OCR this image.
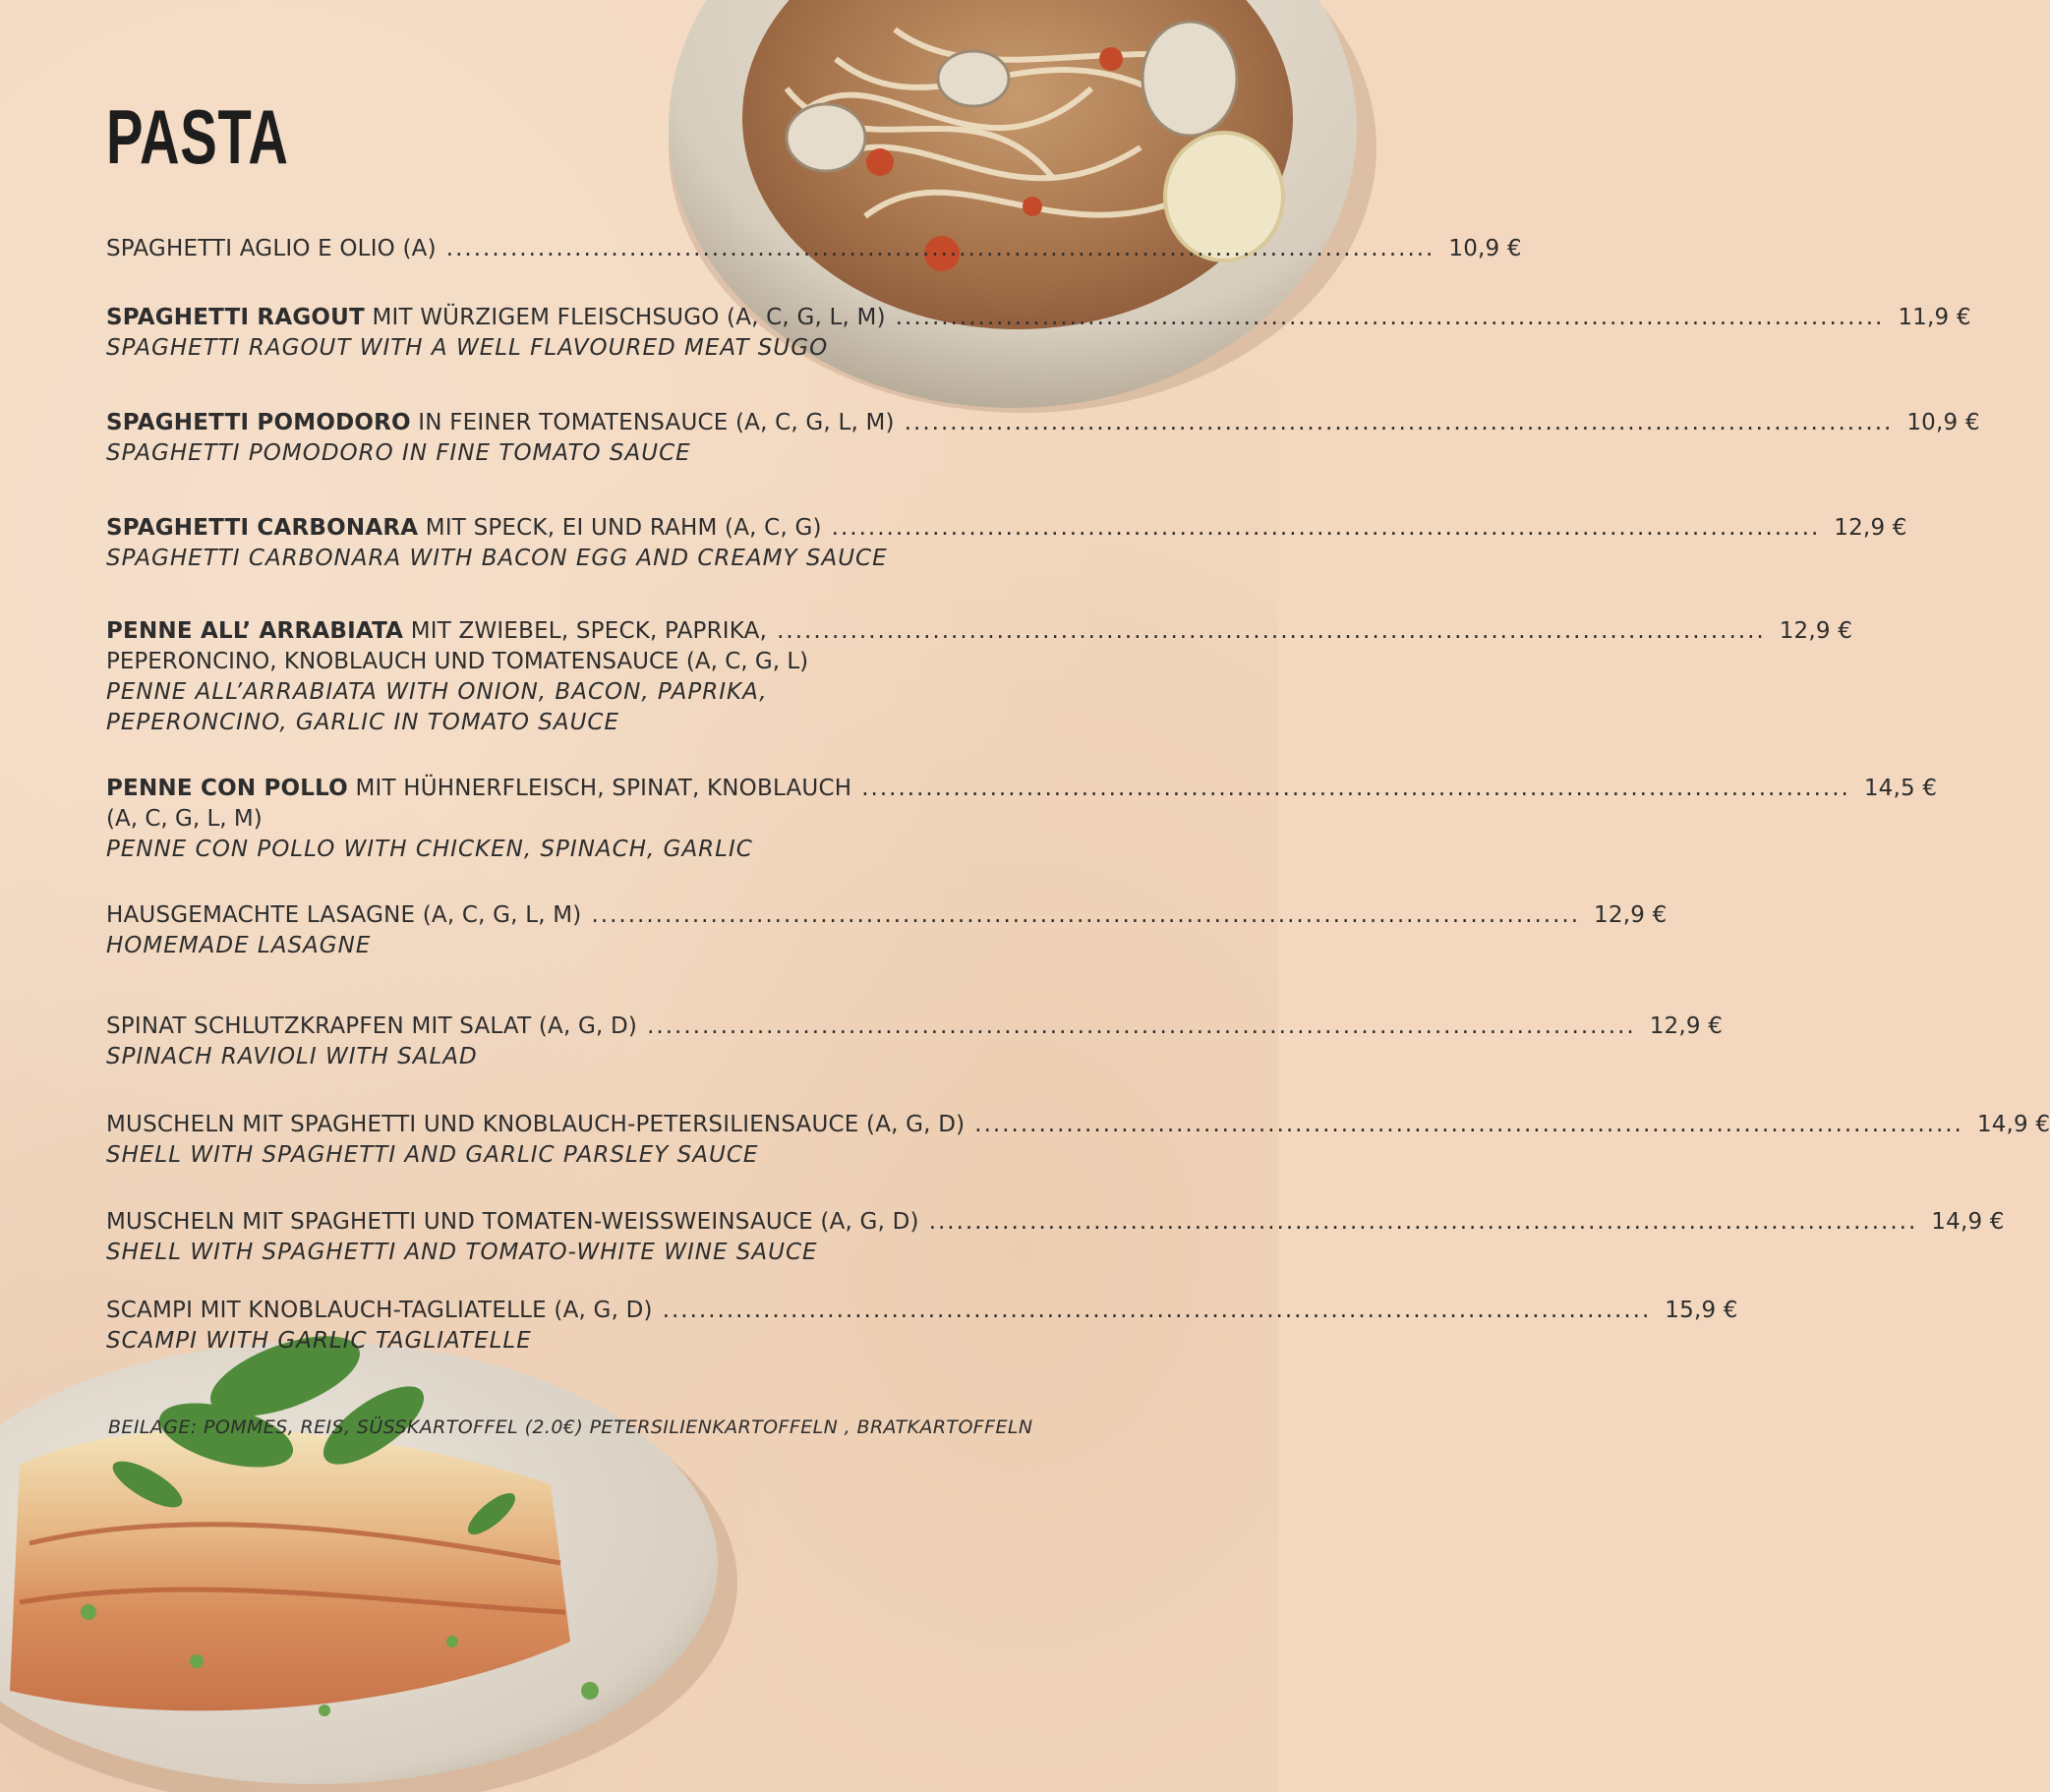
PASTA
SPAGHETTI AGLIO E OLIO (A) ............................................................................................................ 10,9 €
SPAGHETTI RAGOUT MIT WÜRZIGEM FLEISCHSUGO (A, C, G, L, M) ............................................................................................................ 11,9 €
SPAGHETTI RAGOUT WITH A WELL FLAVOURED MEAT SUGO
SPAGHETTI POMODORO IN FEINER TOMATENSAUCE (A, C, G, L, M) ............................................................................................................ 10,9 €
SPAGHETTI POMODORO IN FINE TOMATO SAUCE
SPAGHETTI CARBONARA MIT SPECK, EI UND RAHM (A, C, G) ............................................................................................................ 12,9 €
SPAGHETTI CARBONARA WITH BACON EGG AND CREAMY SAUCE
PENNE ALL’ ARRABIATA MIT ZWIEBEL, SPECK, PAPRIKA, ............................................................................................................ 12,9 €
PEPERONCINO, KNOBLAUCH UND TOMATENSAUCE (A, C, G, L)
PENNE ALL’ARRABIATA WITH ONION, BACON, PAPRIKA,
PEPERONCINO, GARLIC IN TOMATO SAUCE
PENNE CON POLLO MIT HÜHNERFLEISCH, SPINAT, KNOBLAUCH ............................................................................................................ 14,5 €
(A, C, G, L, M)
PENNE CON POLLO WITH CHICKEN, SPINACH, GARLIC
HAUSGEMACHTE LASAGNE (A, C, G, L, M) ............................................................................................................ 12,9 €
HOMEMADE LASAGNE
SPINAT SCHLUTZKRAPFEN MIT SALAT (A, G, D) ............................................................................................................ 12,9 €
SPINACH RAVIOLI WITH SALAD
MUSCHELN MIT SPAGHETTI UND KNOBLAUCH-PETERSILIENSAUCE (A, G, D) ............................................................................................................ 14,9 €
SHELL WITH SPAGHETTI AND GARLIC PARSLEY SAUCE
MUSCHELN MIT SPAGHETTI UND TOMATEN-WEISSWEINSAUCE (A, G, D) ............................................................................................................ 14,9 €
SHELL WITH SPAGHETTI AND TOMATO-WHITE WINE SAUCE
SCAMPI MIT KNOBLAUCH-TAGLIATELLE (A, G, D) ............................................................................................................ 15,9 €
SCAMPI WITH GARLIC TAGLIATELLE
BEILAGE: POMMES, REIS, SÜSSKARTOFFEL (2.0€) PETERSILIENKARTOFFELN , BRATKARTOFFELN
